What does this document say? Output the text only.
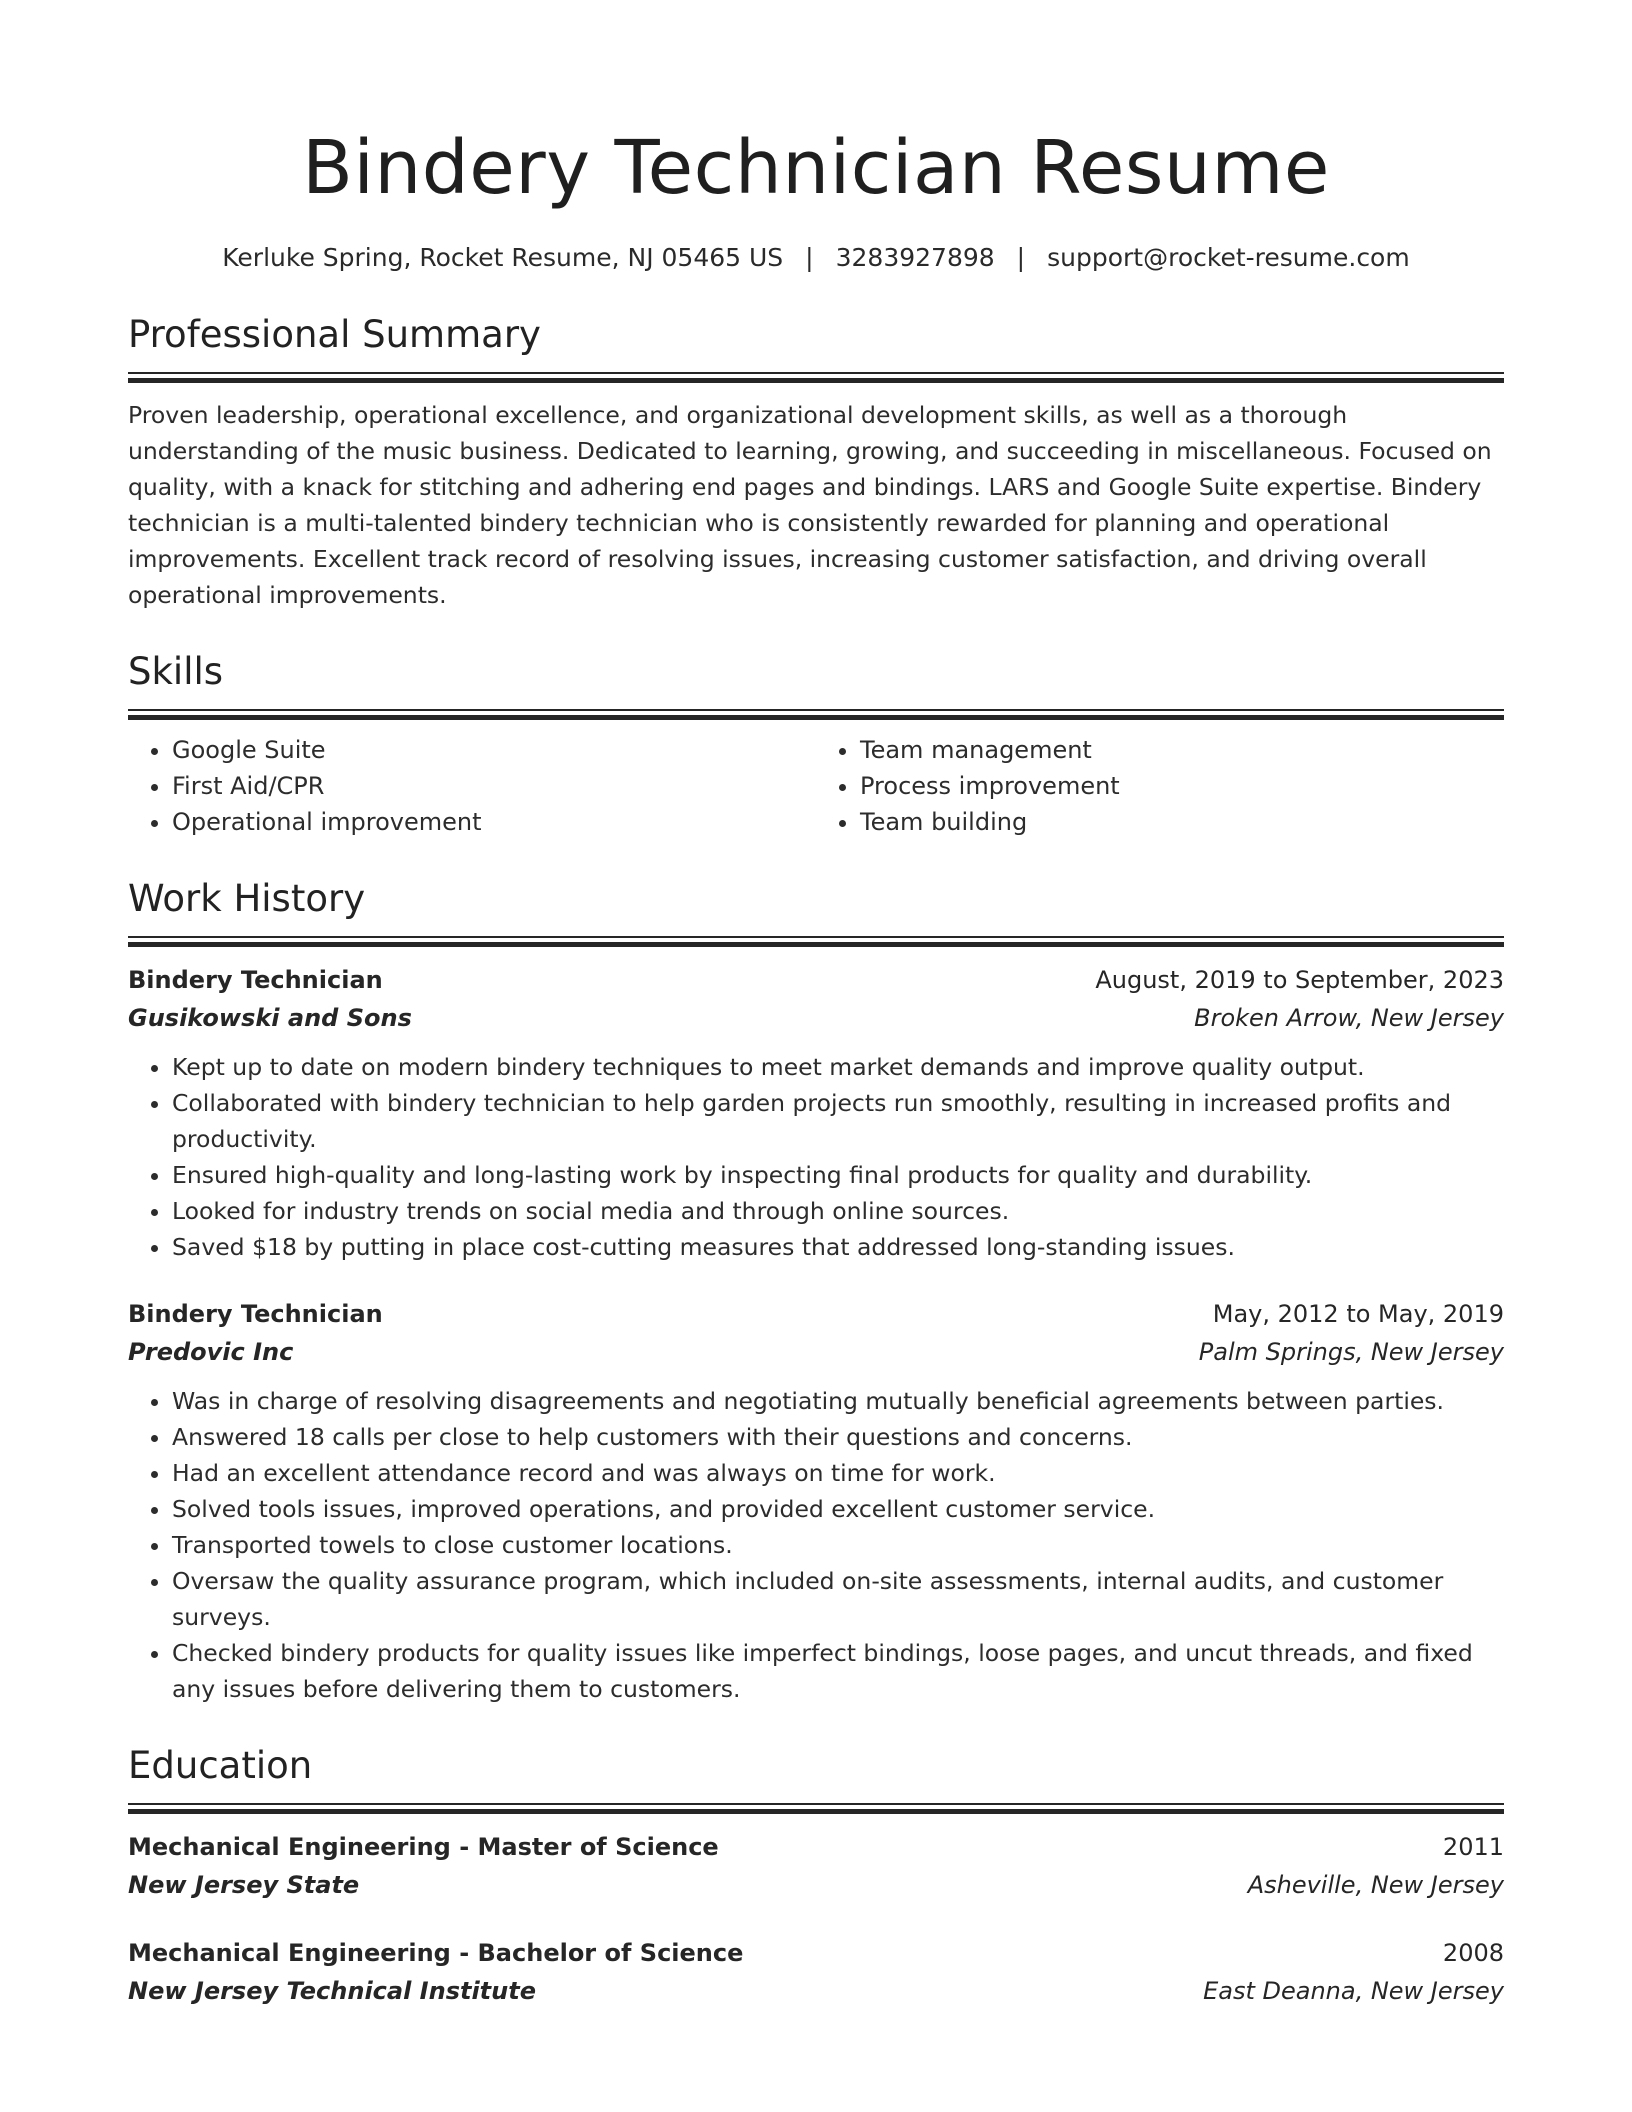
Bindery Technician Resume
Kerluke Spring, Rocket Resume, NJ 05465 US | 3283927898 | support@rocket-resume.com
Professional Summary
Proven leadership, operational excellence, and organizational development skills, as well as a thorough understanding of the music business. Dedicated to learning, growing, and succeeding in miscellaneous. Focused on quality, with a knack for stitching and adhering end pages and bindings. LARS and Google Suite expertise. Bindery technician is a multi-talented bindery technician who is consistently rewarded for planning and operational improvements. Excellent track record of resolving issues, increasing customer satisfaction, and driving overall operational improvements.
Skills
• Google Suite
• First Aid/CPR
• Operational improvement
• Team management
• Process improvement
• Team building
Work History
Bindery Technician	August, 2019 to September, 2023
Gusikowski and Sons	Broken Arrow, New Jersey
• Kept up to date on modern bindery techniques to meet market demands and improve quality output.
• Collaborated with bindery technician to help garden projects run smoothly, resulting in increased profits and productivity.
• Ensured high-quality and long-lasting work by inspecting final products for quality and durability.
• Looked for industry trends on social media and through online sources.
• Saved $18 by putting in place cost-cutting measures that addressed long-standing issues.
Bindery Technician	May, 2012 to May, 2019
Predovic Inc	Palm Springs, New Jersey
• Was in charge of resolving disagreements and negotiating mutually beneficial agreements between parties.
• Answered 18 calls per close to help customers with their questions and concerns.
• Had an excellent attendance record and was always on time for work.
• Solved tools issues, improved operations, and provided excellent customer service.
• Transported towels to close customer locations.
• Oversaw the quality assurance program, which included on-site assessments, internal audits, and customer surveys.
• Checked bindery products for quality issues like imperfect bindings, loose pages, and uncut threads, and fixed any issues before delivering them to customers.
Education
Mechanical Engineering - Master of Science	2011
New Jersey State	Asheville, New Jersey
Mechanical Engineering - Bachelor of Science	2008
New Jersey Technical Institute	East Deanna, New Jersey
